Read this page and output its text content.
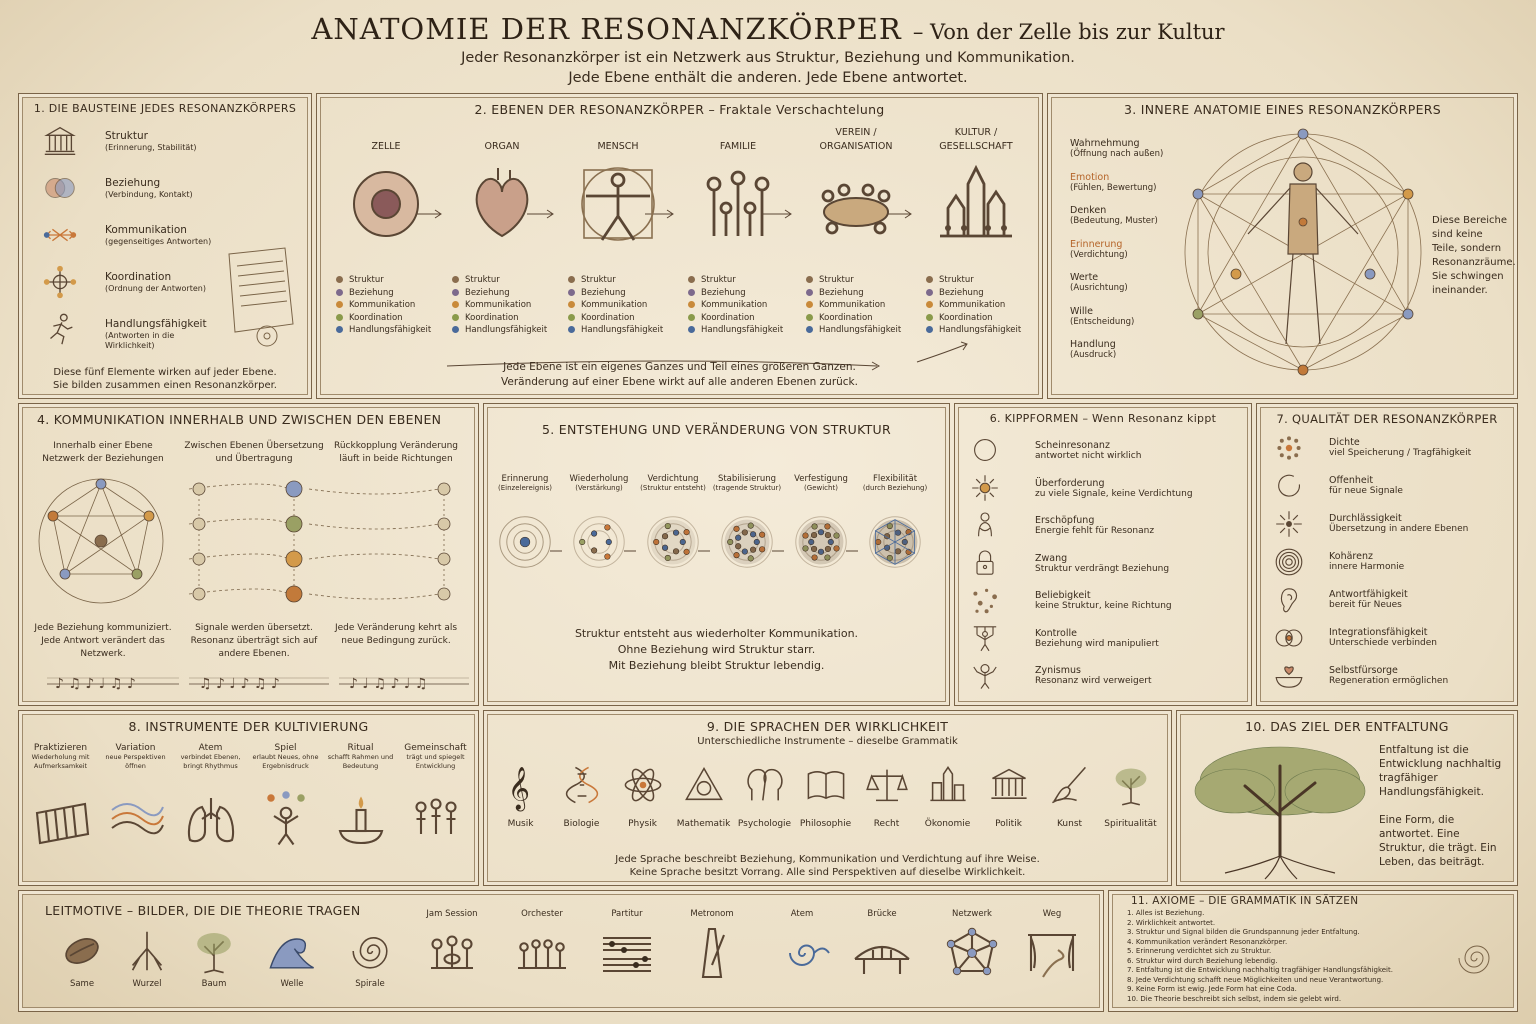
ANATOMIE DER RESONANZKÖRPER – Von der Zelle bis zur Kultur
Jeder Resonanzkörper ist ein Netzwerk aus Struktur, Beziehung und Kommunikation.
Jede Ebene enthält die anderen. Jede Ebene antwortet.
1. DIE BAUSTEINE JEDES RESONANZKÖRPERS
Diese fünf Elemente wirken auf jeder Ebene.
Sie bilden zusammen einen Resonanzkörper.
Struktur
(Erinnerung, Stabilität)
Beziehung
(Verbindung, Kontakt)
Kommunikation
(gegenseitiges Antworten)
Koordination
(Ordnung der Antworten)
Handlungsfähigkeit
(Antworten in die Wirklichkeit)
2. EBENEN DER RESONANZKÖRPER – Fraktale Verschachtelung
Jede Ebene ist ein eigenes Ganzes und Teil eines größeren Ganzen.
Veränderung auf einer Ebene wirkt auf alle anderen Ebenen zurück.
ZELLE
Struktur
Beziehung
Kommunikation
Koordination
Handlungsfähigkeit
ORGAN
Struktur
Beziehung
Kommunikation
Koordination
Handlungsfähigkeit
MENSCH
Struktur
Beziehung
Kommunikation
Koordination
Handlungsfähigkeit
FAMILIE
Struktur
Beziehung
Kommunikation
Koordination
Handlungsfähigkeit
VEREIN / ORGANISATION
Struktur
Beziehung
Kommunikation
Koordination
Handlungsfähigkeit
KULTUR / GESELLSCHAFT
Struktur
Beziehung
Kommunikation
Koordination
Handlungsfähigkeit
3. INNERE ANATOMIE EINES RESONANZKÖRPERS
Diese Bereiche sind keine Teile, sondern Resonanzräume. Sie schwingen ineinander.
Wahrnehmung
(Öffnung nach außen)
Emotion
(Fühlen, Bewertung)
Denken
(Bedeutung, Muster)
Erinnerung
(Verdichtung)
Werte
(Ausrichtung)
Wille
(Entscheidung)
Handlung
(Ausdruck)
4. KOMMUNIKATION INNERHALB UND ZWISCHEN DEN EBENEN
♪ ♫ ♪ ♩ ♫ ♪	♫ ♪ ♩ ♪ ♫ ♪	♪ ♩ ♫ ♪ ♩ ♫
Innerhalb einer Ebene Netzwerk der Beziehungen
Jede Beziehung kommuniziert. Jede Antwort verändert das Netzwerk.
Zwischen Ebenen Übersetzung und Übertragung
Signale werden übersetzt. Resonanz überträgt sich auf andere Ebenen.
Rückkopplung Veränderung läuft in beide Richtungen
Jede Veränderung kehrt als neue Bedingung zurück.
5. ENTSTEHUNG UND VERÄNDERUNG VON STRUKTUR
Struktur entsteht aus wiederholter Kommunikation.
Ohne Beziehung wird Struktur starr.
Mit Beziehung bleibt Struktur lebendig.
Erinnerung
(Einzelereignis)
Wiederholung
(Verstärkung)
Verdichtung
(Struktur entsteht)
Stabilisierung
(tragende Struktur)
Verfestigung
(Gewicht)
Flexibilität
(durch Beziehung)
6. KIPPFORMEN – Wenn Resonanz kippt
Scheinresonanz
antwortet nicht wirklich
Überforderung
zu viele Signale, keine Verdichtung
Erschöpfung
Energie fehlt für Resonanz
Zwang
Struktur verdrängt Beziehung
Beliebigkeit
keine Struktur, keine Richtung
Kontrolle
Beziehung wird manipuliert
Zynismus
Resonanz wird verweigert
7. QUALITÄT DER RESONANZKÖRPER
Dichte
viel Speicherung / Tragfähigkeit
Offenheit
für neue Signale
Durchlässigkeit
Übersetzung in andere Ebenen
Kohärenz
innere Harmonie
Antwortfähigkeit
bereit für Neues
Integrationsfähigkeit
Unterschiede verbinden
Selbstfürsorge
Regeneration ermöglichen
8. INSTRUMENTE DER KULTIVIERUNG
Praktizieren
Wiederholung mit Aufmerksamkeit
Variation
neue Perspektiven öffnen
Atem
verbindet Ebenen, bringt Rhythmus
Spiel
erlaubt Neues, ohne Ergebnisdruck
Ritual
schafft Rahmen und Bedeutung
Gemeinschaft
trägt und spiegelt Entwicklung
9. DIE SPRACHEN DER WIRKLICHKEIT
Unterschiedliche Instrumente – dieselbe Grammatik
Jede Sprache beschreibt Beziehung, Kommunikation und Verdichtung auf ihre Weise.
Keine Sprache besitzt Vorrang. Alle sind Perspektiven auf dieselbe Wirklichkeit.
𝄞
Musik	Biologie	Physik	Mathematik Psychologie Philosophie	Recht	Ökonomie	Politik	Kunst	Spiritualität
10. DAS ZIEL DER ENTFALTUNG
Entfaltung ist die Entwicklung nachhaltig tragfähiger Handlungsfähigkeit.
Eine Form, die antwortet. Eine Struktur, die trägt. Ein Leben, das beiträgt.
LEITMOTIVE – BILDER, DIE DIE THEORIE TRAGEN
Same	Wurzel	Baum	Welle	Spirale
Jam Session	Orchester	Partitur	Metronom	Atem	Brücke	Netzwerk	Weg
11. AXIOME – DIE GRAMMATIK IN SÄTZEN
1. Alles ist Beziehung.
2. Wirklichkeit antwortet.
3. Struktur und Signal bilden die Grundspannung jeder Entfaltung.
4. Kommunikation verändert Resonanzkörper.
5. Erinnerung verdichtet sich zu Struktur.
6. Struktur wird durch Beziehung lebendig.
7. Entfaltung ist die Entwicklung nachhaltig tragfähiger Handlungsfähigkeit.
8. Jede Verdichtung schafft neue Möglichkeiten und neue Verantwortung.
9. Keine Form ist ewig. Jede Form hat eine Coda.
10. Die Theorie beschreibt sich selbst, indem sie gelebt wird.
